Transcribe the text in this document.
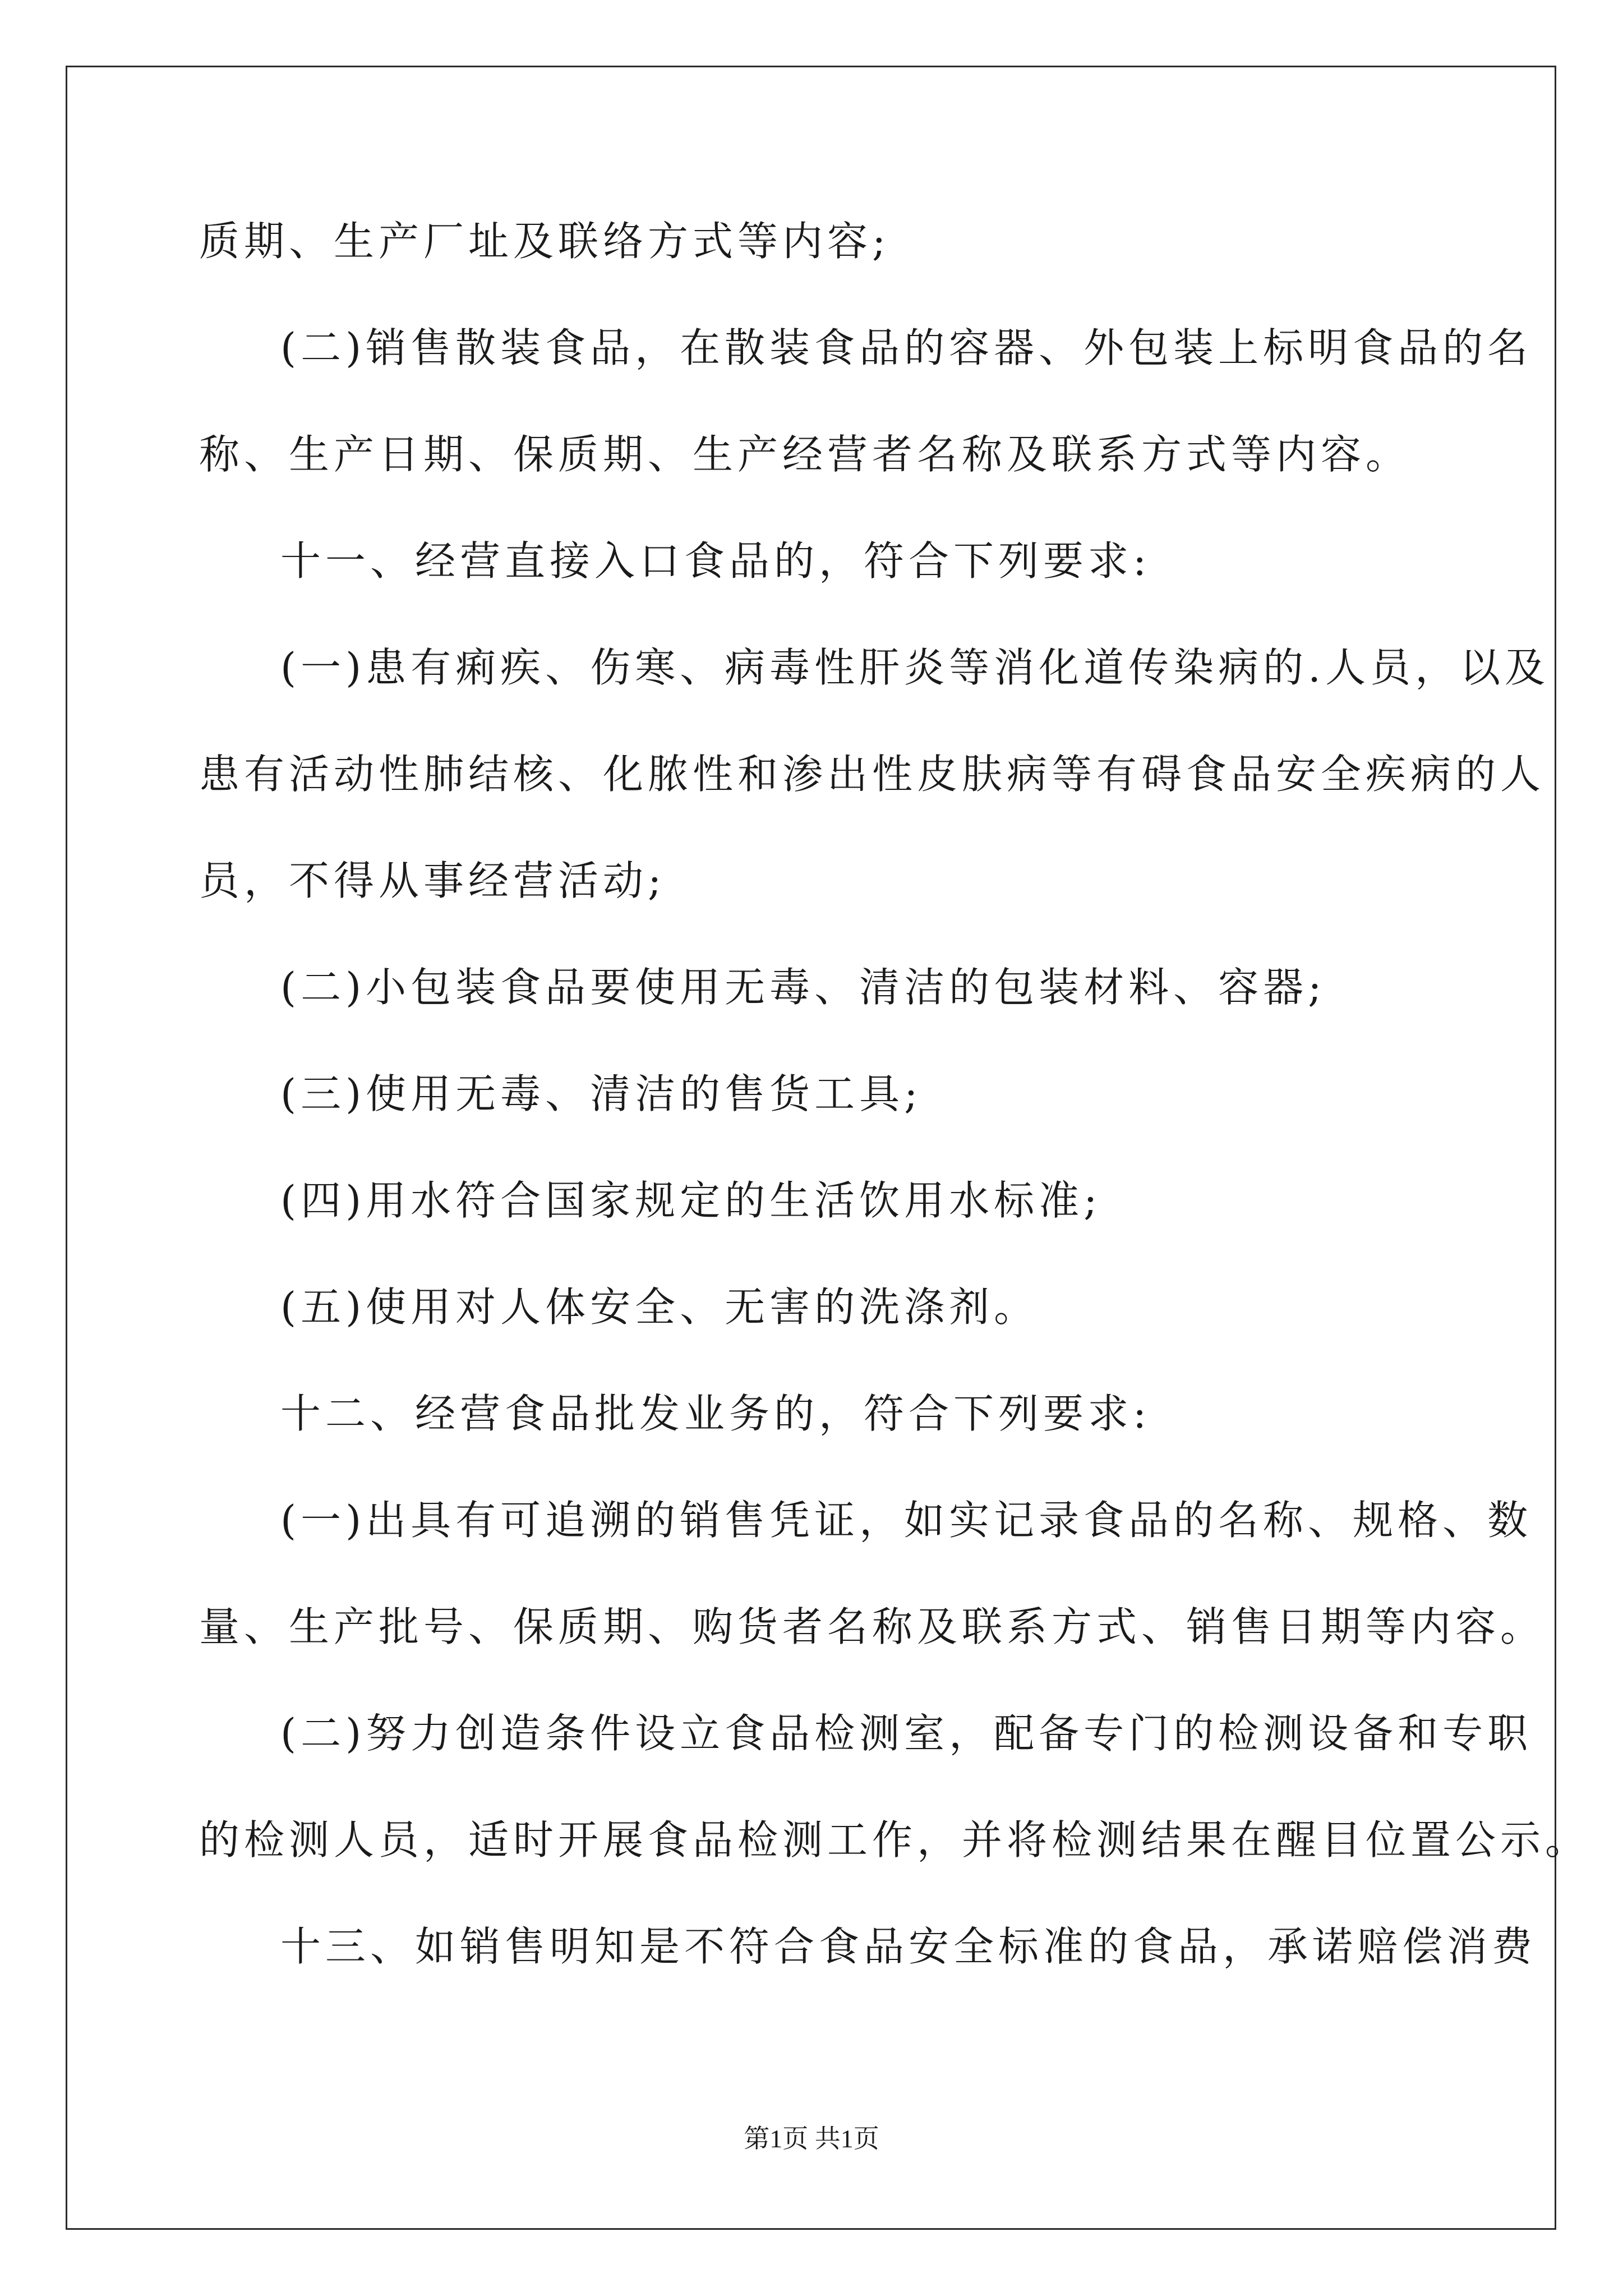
质期、生产厂址及联络方式等内容;
(二)销售散装食品，在散装食品的容器、外包装上标明食品的名
称、生产日期、保质期、生产经营者名称及联系方式等内容。
十一、经营直接入口食品的，符合下列要求:
(一)患有痢疾、伤寒、病毒性肝炎等消化道传染病的.人员，以及
患有活动性肺结核、化脓性和渗出性皮肤病等有碍食品安全疾病的人
员，不得从事经营活动;
(二)小包装食品要使用无毒、清洁的包装材料、容器;
(三)使用无毒、清洁的售货工具;
(四)用水符合国家规定的生活饮用水标准;
(五)使用对人体安全、无害的洗涤剂。
十二、经营食品批发业务的，符合下列要求:
(一)出具有可追溯的销售凭证，如实记录食品的名称、规格、数
量、生产批号、保质期、购货者名称及联系方式、销售日期等内容。
(二)努力创造条件设立食品检测室，配备专门的检测设备和专职
的检测人员，适时开展食品检测工作，并将检测结果在醒目位置公示。
十三、如销售明知是不符合食品安全标准的食品，承诺赔偿消费
第1页 共1页
